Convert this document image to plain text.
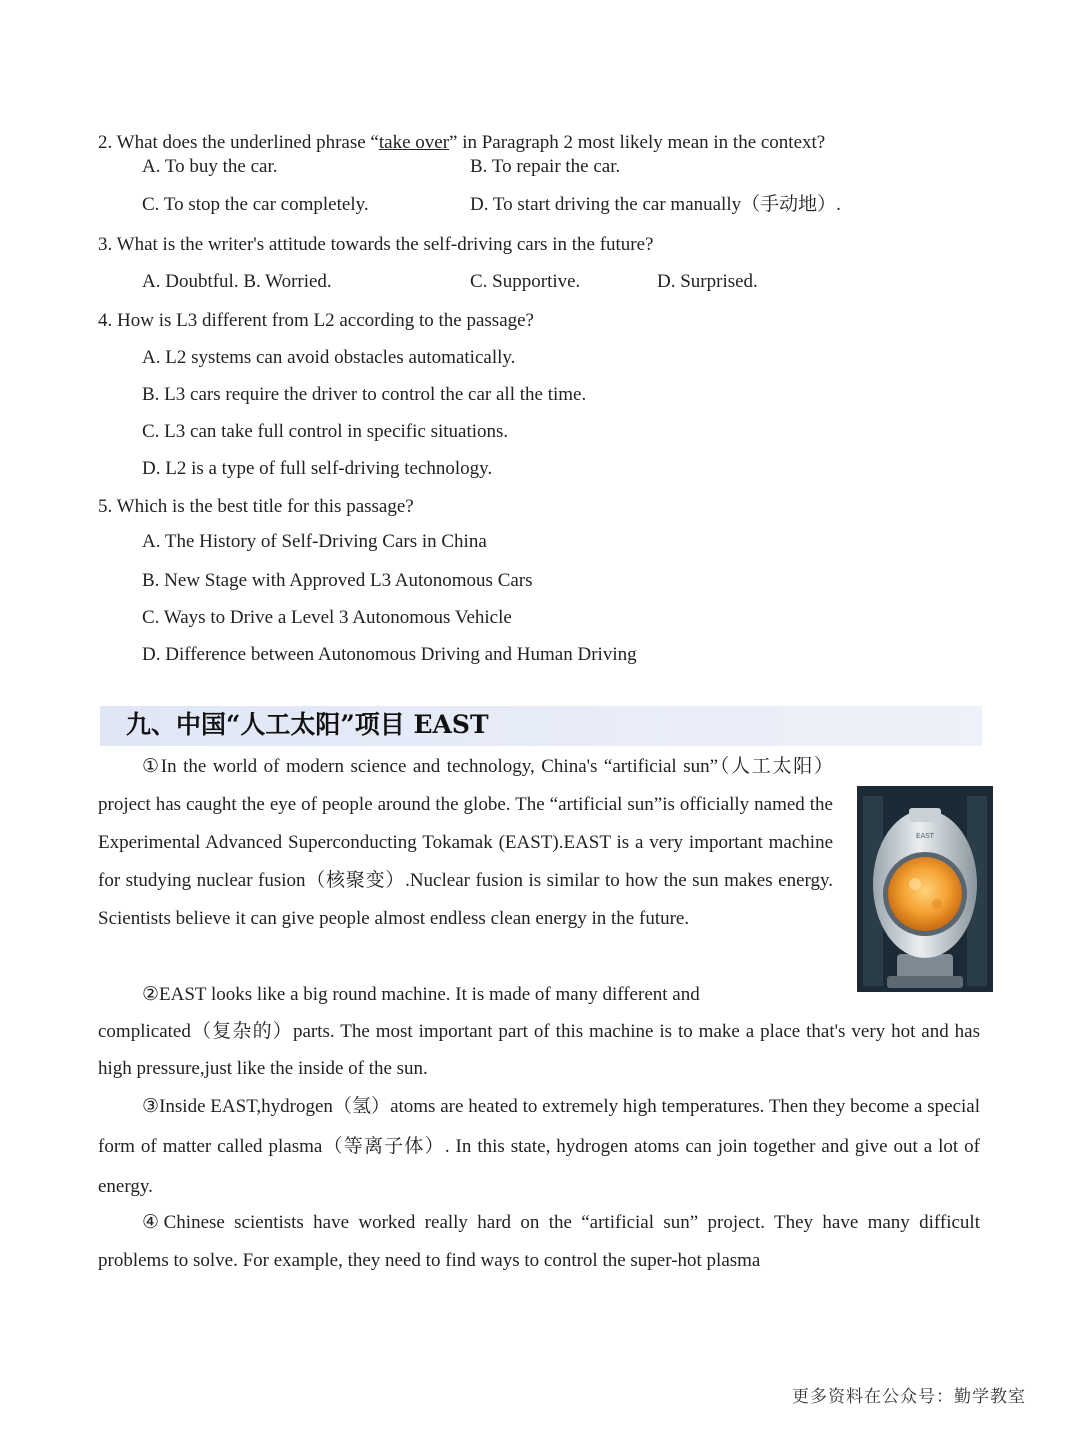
2. What does the underlined phrase “take over” in Paragraph 2 most likely mean in the context?
A. To buy the car.	B. To repair the car.
C. To stop the car completely.	D. To start driving the car manually（手动地）.
3. What is the writer's attitude towards the self-driving cars in the future?
A. Doubtful. B. Worried.	C. Supportive.	D. Surprised.
4. How is L3 different from L2 according to the passage?
A. L2 systems can avoid obstacles automatically.
B. L3 cars require the driver to control the car all the time.
C. L3 can take full control in specific situations.
D. L2 is a type of full self-driving technology.
5. Which is the best title for this passage?
A. The History of Self-Driving Cars in China
B. New Stage with Approved L3 Autonomous Cars
C. Ways to Drive a Level 3 Autonomous Vehicle
D. Difference between Autonomous Driving and Human Driving
九、中国“人工太阳”项目 EAST
①In the world of modern science and technology, China's “artificial sun”（人工太阳）project has caught the eye of people around the globe. The “artificial sun”is officially named the Experimental Advanced Superconducting Tokamak (EAST).EAST is a very important machine for studying nuclear fusion（核聚变）.Nuclear fusion is similar to how the sun makes energy. Scientists believe it can give people almost endless clean energy in the future.
EAST
②EAST looks like a big round machine. It is made of many different and
complicated（复杂的）parts. The most important part of this machine is to make a place that's very hot and has high pressure,just like the inside of the sun.
③Inside EAST,hydrogen（氢）atoms are heated to extremely high temperatures. Then they become a special form of matter called plasma（等离子体）. In this state, hydrogen atoms can join together and give out a lot of energy.
④Chinese scientists have worked really hard on the “artificial sun” project. They have many difficult problems to solve. For example, they need to find ways to control the super-hot plasma
更多资料在公众号：勤学教室
